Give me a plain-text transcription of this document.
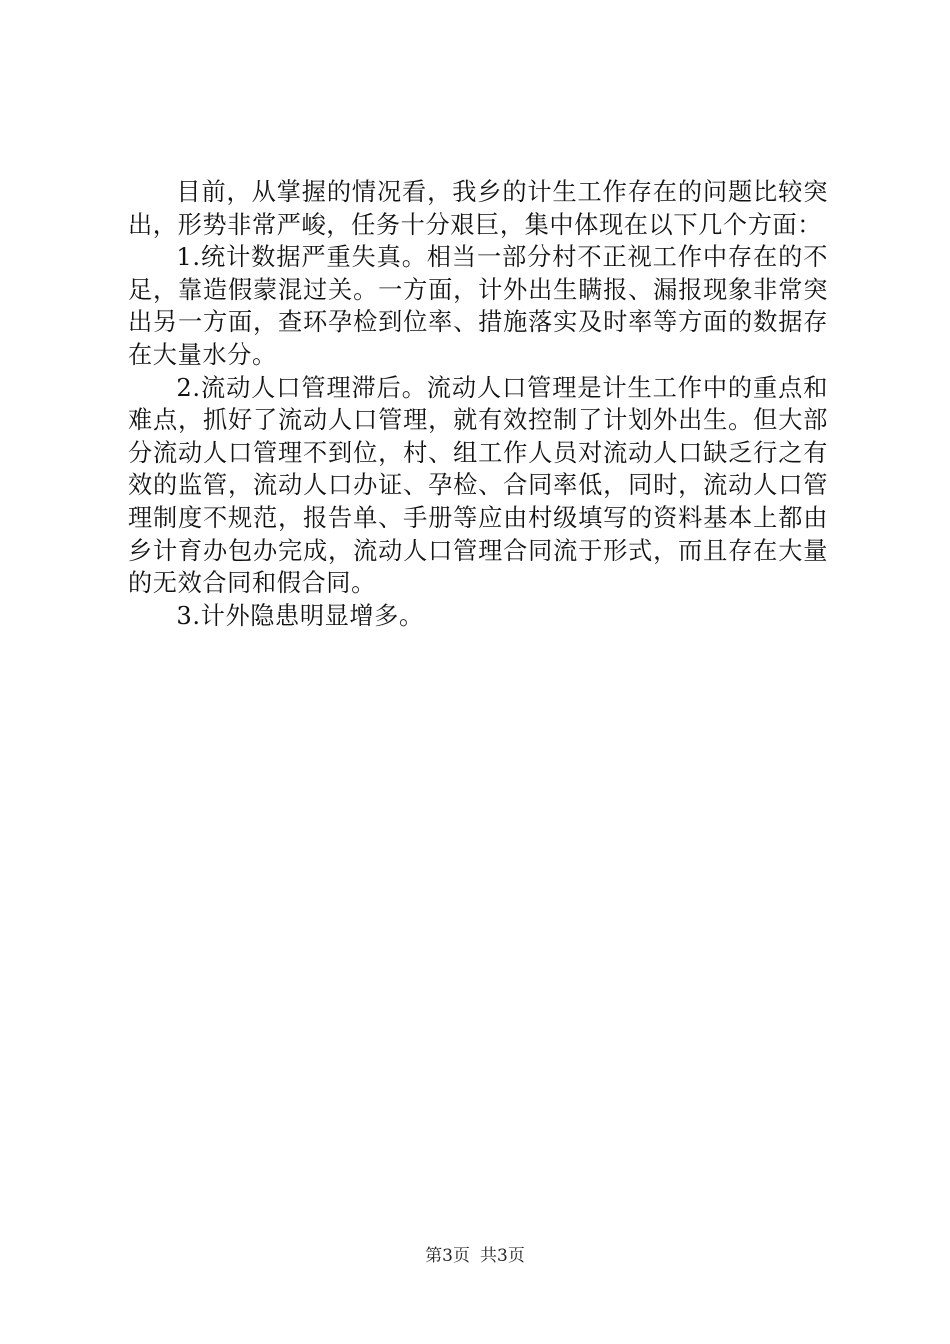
目前，从掌握的情况看，我乡的计生工作存在的问题比较突出，形势非常严峻，任务十分艰巨，集中体现在以下几个方面：

1.统计数据严重失真。相当一部分村不正视工作中存在的不足，靠造假蒙混过关。一方面，计外出生瞒报、漏报现象非常突出另一方面，查环孕检到位率、措施落实及时率等方面的数据存在大量水分。

2.流动人口管理滞后。流动人口管理是计生工作中的重点和难点，抓好了流动人口管理，就有效控制了计划外出生。但大部分流动人口管理不到位，村、组工作人员对流动人口缺乏行之有效的监管，流动人口办证、孕检、合同率低，同时，流动人口管理制度不规范，报告单、手册等应由村级填写的资料基本上都由乡计育办包办完成，流动人口管理合同流于形式，而且存在大量的无效合同和假合同。

3.计外隐患明显增多。

第3页 共3页
